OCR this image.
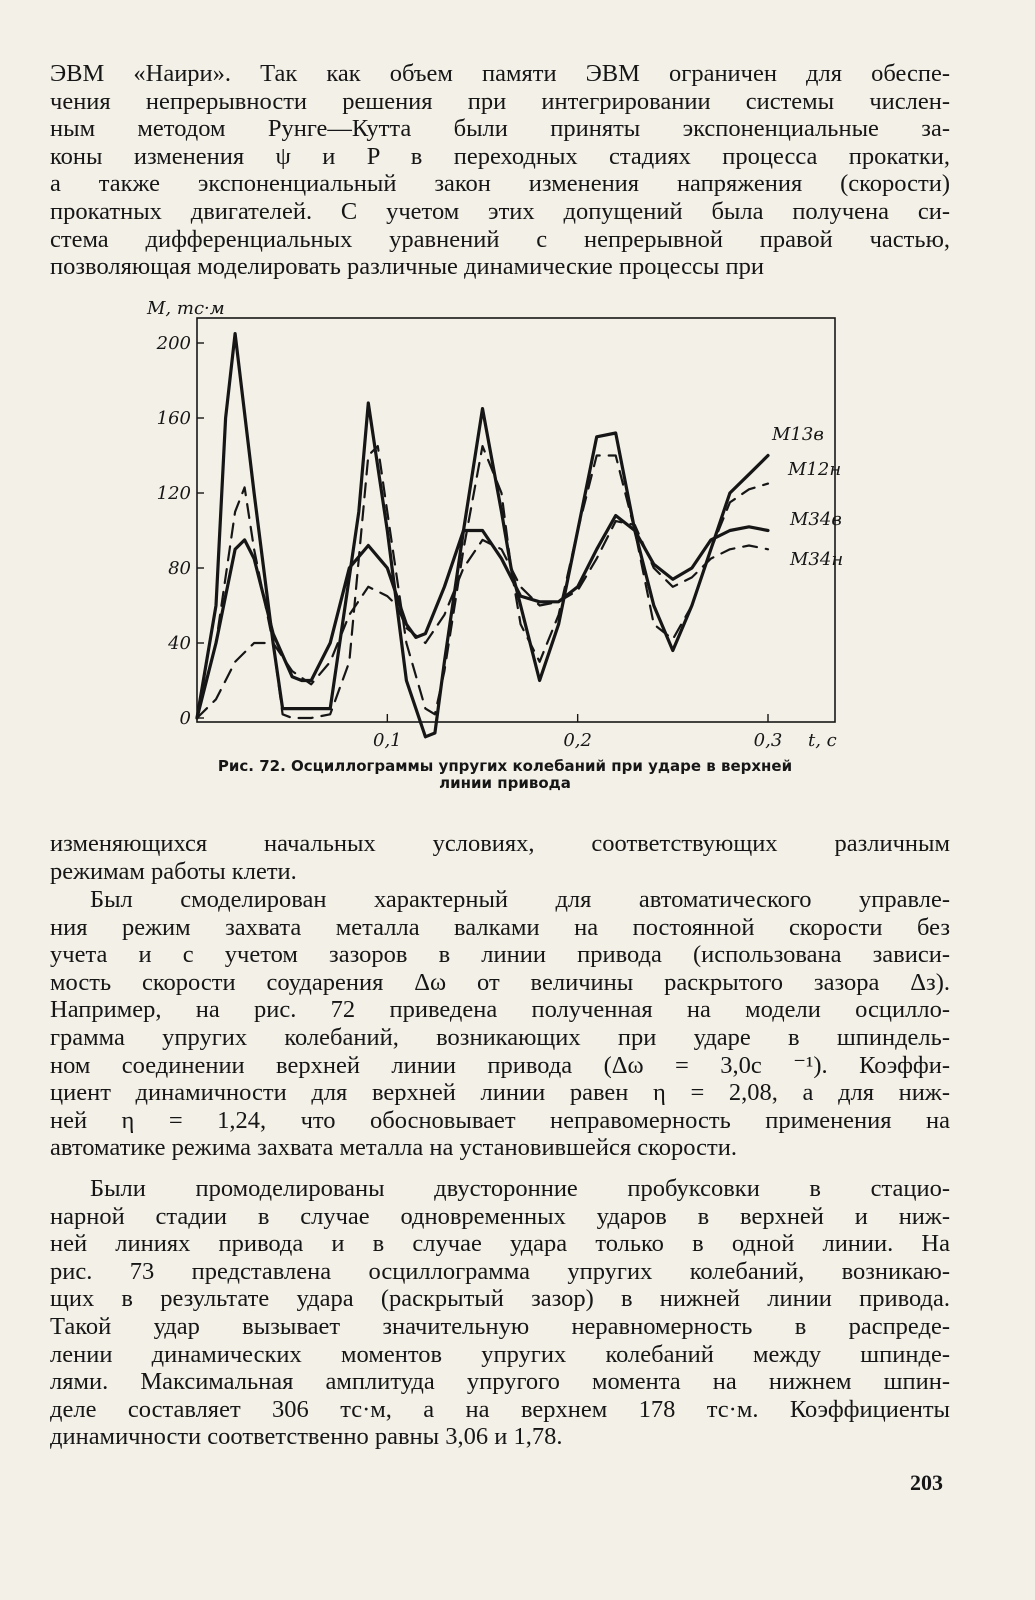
ЭВМ «Наири». Так как объем памяти ЭВМ ограничен для обеспе-
чения непрерывности решения при интегрировании системы числен-
ным методом Рунге—Кутта были приняты экспоненциальные за-
коны изменения ψ и P в переходных стадиях процесса прокатки,
а также экспоненциальный закон изменения напряжения (скорости)
прокатных двигателей. С учетом этих допущений была получена си-
стема дифференциальных уравнений с непрерывной правой частью,
позволяющая моделировать различные динамические процессы при
0
40
80
120
160
200
0,1	0,2	0,3
M, тс·м
t, с
M13в
M12н
M34в
M34н
Рис. 72. Осциллограммы упругих колебаний при ударе в верхней
линии привода
изменяющихся начальных условиях, соответствующих различным
режимам работы клети.
Был смоделирован характерный для автоматического управле-
ния режим захвата металла валками на постоянной скорости без
учета и с учетом зазоров в линии привода (использована зависи-
мость скорости соударения Δω от величины раскрытого зазора Δз).
Например, на рис. 72 приведена полученная на модели осцилло-
грамма упругих колебаний, возникающих при ударе в шпиндель-
ном соединении верхней линии привода (Δω = 3,0с ⁻¹). Коэффи-
циент динамичности для верхней линии равен η = 2,08, а для ниж-
ней η = 1,24, что обосновывает неправомерность применения на
автоматике режима захвата металла на установившейся скорости.
Были промоделированы двусторонние пробуксовки в стацио-
нарной стадии в случае одновременных ударов в верхней и ниж-
ней линиях привода и в случае удара только в одной линии. На
рис. 73 представлена осциллограмма упругих колебаний, возникаю-
щих в результате удара (раскрытый зазор) в нижней линии привода.
Такой удар вызывает значительную неравномерность в распреде-
лении динамических моментов упругих колебаний между шпинде-
лями. Максимальная амплитуда упругого момента на нижнем шпин-
деле составляет 306 тс·м, а на верхнем 178 тс·м. Коэффициенты
динамичности соответственно равны 3,06 и 1,78.
203
